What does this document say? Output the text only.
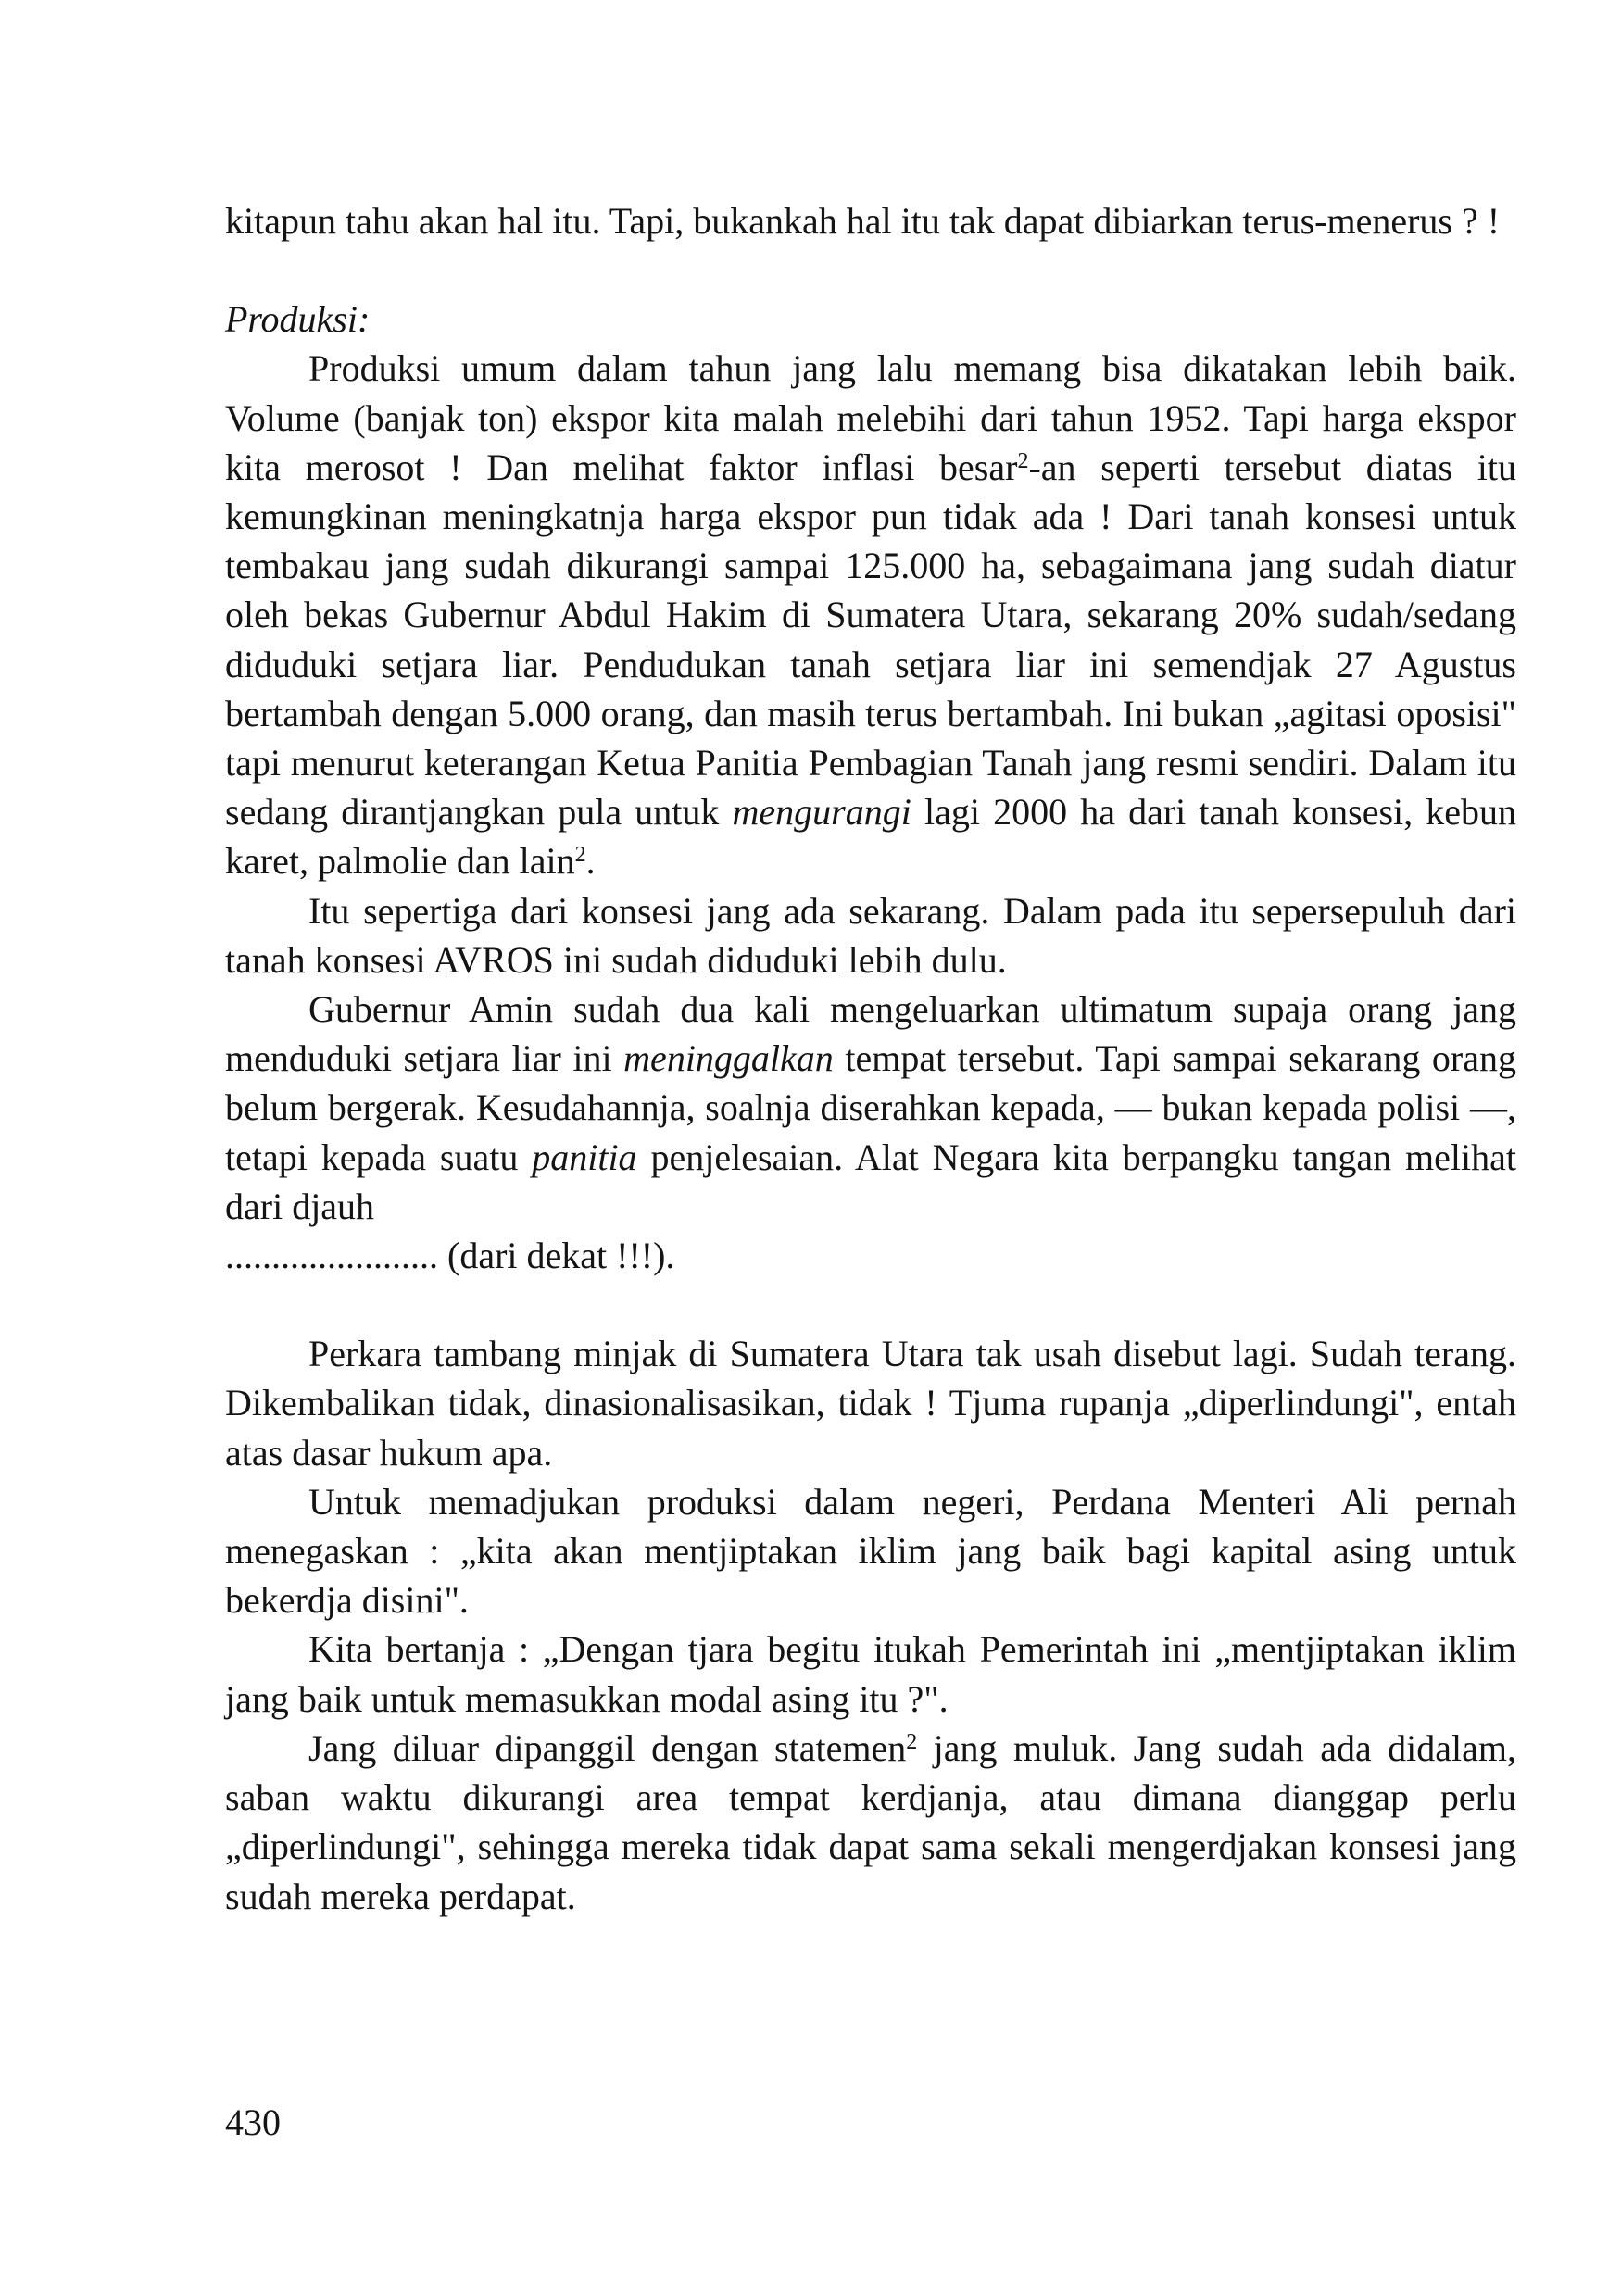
kitapun tahu akan hal itu. Tapi, bukankah hal itu tak dapat dibiarkan terus-menerus ? !

Produksi:

Produksi umum dalam tahun jang lalu memang bisa dikatakan lebih baik. Volume (banjak ton) ekspor kita malah melebihi dari tahun 1952. Tapi harga ekspor kita merosot ! Dan melihat faktor inflasi besar$^2$-an seperti tersebut diatas itu kemungkinan meningkatnja harga ekspor pun tidak ada ! Dari tanah konsesi untuk tembakau jang sudah dikurangi sampai 125.000 ha, sebagaimana jang sudah diatur oleh bekas Gubernur Abdul Hakim di Sumatera Utara, sekarang 20% sudah/sedang diduduki setjara liar. Pendudukan tanah setjara liar ini semendjak 27 Agustus bertambah dengan 5.000 orang, dan masih terus bertambah. Ini bukan „agitasi oposisi" tapi menurut keterangan Ketua Panitia Pembagian Tanah jang resmi sendiri. Dalam itu sedang dirantjangkan pula untuk mengurangi lagi 2000 ha dari tanah konsesi, kebun karet, palmolie dan lain$^2$.

Itu sepertiga dari konsesi jang ada sekarang. Dalam pada itu sepersepuluh dari tanah konsesi AVROS ini sudah diduduki lebih dulu.

Gubernur Amin sudah dua kali mengeluarkan ultimatum supaja orang jang menduduki setjara liar ini meninggalkan tempat tersebut. Tapi sampai sekarang orang belum bergerak. Kesudahannja, soalnja diserahkan kepada, — bukan kepada polisi —, tetapi kepada suatu panitia penjelesaian. Alat Negara kita berpangku tangan melihat dari djauh
....................... (dari dekat !!!).

Perkara tambang minjak di Sumatera Utara tak usah disebut lagi. Sudah terang. Dikembalikan tidak, dinasionalisasikan, tidak ! Tjuma rupanja „diperlindungi", entah atas dasar hukum apa.

Untuk memadjukan produksi dalam negeri, Perdana Menteri Ali pernah menegaskan : „kita akan mentjiptakan iklim jang baik bagi kapital asing untuk bekerdja disini".

Kita bertanja : „Dengan tjara begitu itukah Pemerintah ini „mentjiptakan iklim jang baik untuk memasukkan modal asing itu ?".

Jang diluar dipanggil dengan statemen$^2$ jang muluk. Jang sudah ada didalam, saban waktu dikurangi area tempat kerdjanja, atau dimana dianggap perlu „diperlindungi", sehingga mereka tidak dapat sama sekali mengerdjakan konsesi jang sudah mereka perdapat.

430
